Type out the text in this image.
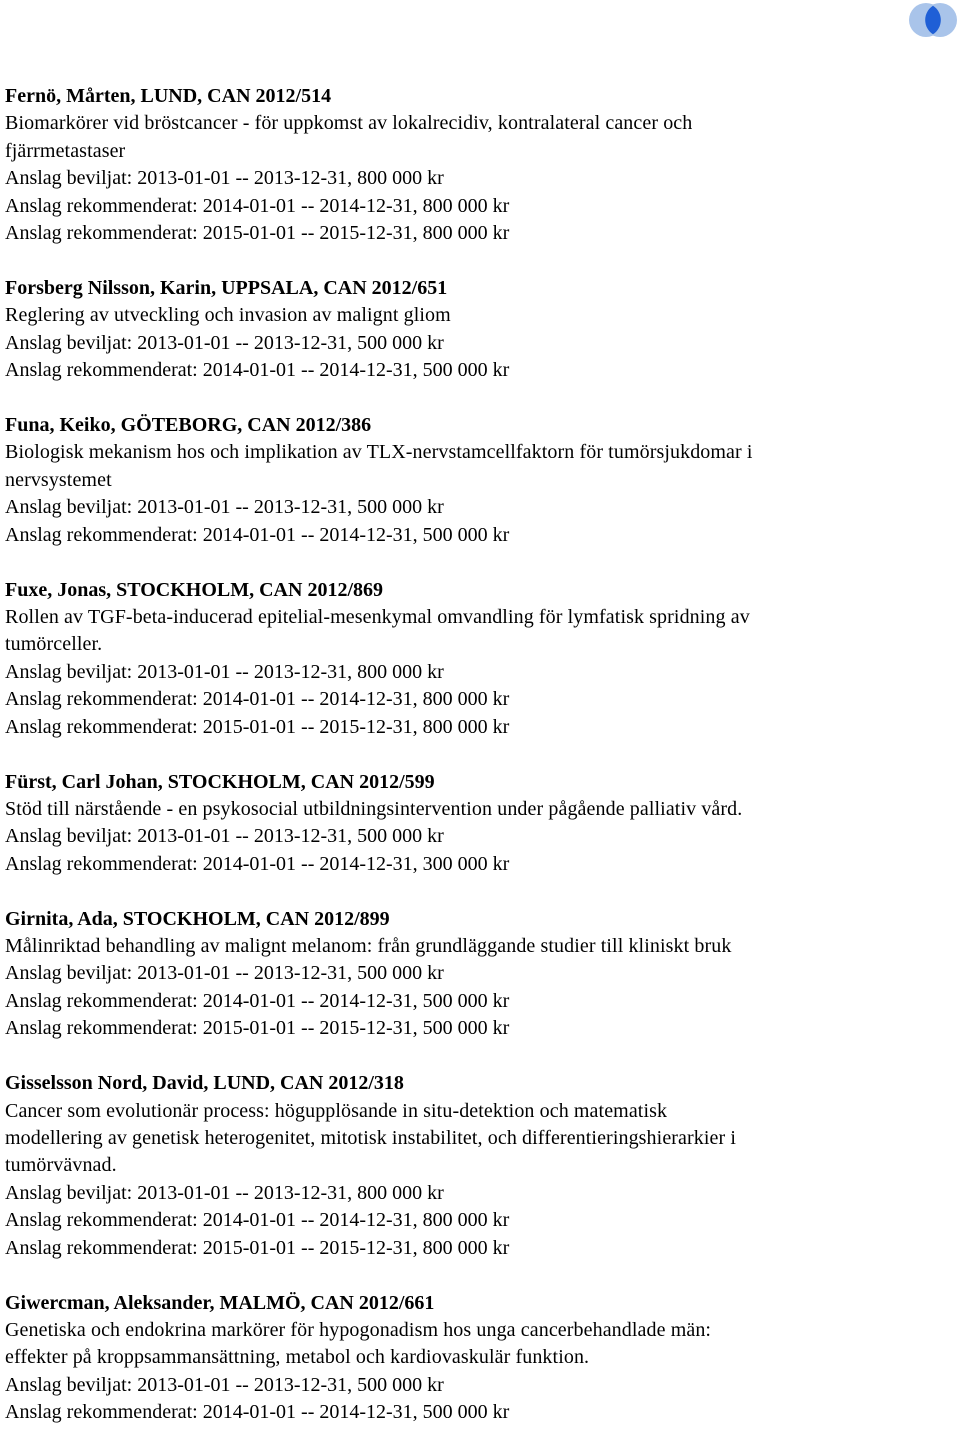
Fernö, Mårten, LUND, CAN 2012/514
Biomarkörer vid bröstcancer - för uppkomst av lokalrecidiv, kontralateral cancer och
fjärrmetastaser
Anslag beviljat: 2013-01-01 -- 2013-12-31, 800 000 kr
Anslag rekommenderat: 2014-01-01 -- 2014-12-31, 800 000 kr
Anslag rekommenderat: 2015-01-01 -- 2015-12-31, 800 000 kr
Forsberg Nilsson, Karin, UPPSALA, CAN 2012/651
Reglering av utveckling och invasion av malignt gliom
Anslag beviljat: 2013-01-01 -- 2013-12-31, 500 000 kr
Anslag rekommenderat: 2014-01-01 -- 2014-12-31, 500 000 kr
Funa, Keiko, GÖTEBORG, CAN 2012/386
Biologisk mekanism hos och implikation av TLX-nervstamcellfaktorn för tumörsjukdomar i
nervsystemet
Anslag beviljat: 2013-01-01 -- 2013-12-31, 500 000 kr
Anslag rekommenderat: 2014-01-01 -- 2014-12-31, 500 000 kr
Fuxe, Jonas, STOCKHOLM, CAN 2012/869
Rollen av TGF-beta-inducerad epitelial-mesenkymal omvandling för lymfatisk spridning av
tumörceller.
Anslag beviljat: 2013-01-01 -- 2013-12-31, 800 000 kr
Anslag rekommenderat: 2014-01-01 -- 2014-12-31, 800 000 kr
Anslag rekommenderat: 2015-01-01 -- 2015-12-31, 800 000 kr
Fürst, Carl Johan, STOCKHOLM, CAN 2012/599
Stöd till närstående - en psykosocial utbildningsintervention under pågående palliativ vård.
Anslag beviljat: 2013-01-01 -- 2013-12-31, 500 000 kr
Anslag rekommenderat: 2014-01-01 -- 2014-12-31, 300 000 kr
Girnita, Ada, STOCKHOLM, CAN 2012/899
Målinriktad behandling av malignt melanom: från grundläggande studier till kliniskt bruk
Anslag beviljat: 2013-01-01 -- 2013-12-31, 500 000 kr
Anslag rekommenderat: 2014-01-01 -- 2014-12-31, 500 000 kr
Anslag rekommenderat: 2015-01-01 -- 2015-12-31, 500 000 kr
Gisselsson Nord, David, LUND, CAN 2012/318
Cancer som evolutionär process: högupplösande in situ-detektion och matematisk
modellering av genetisk heterogenitet, mitotisk instabilitet, och differentieringshierarkier i
tumörvävnad.
Anslag beviljat: 2013-01-01 -- 2013-12-31, 800 000 kr
Anslag rekommenderat: 2014-01-01 -- 2014-12-31, 800 000 kr
Anslag rekommenderat: 2015-01-01 -- 2015-12-31, 800 000 kr
Giwercman, Aleksander, MALMÖ, CAN 2012/661
Genetiska och endokrina markörer för hypogonadism hos unga cancerbehandlade män:
effekter på kroppsammansättning, metabol och kardiovaskulär funktion.
Anslag beviljat: 2013-01-01 -- 2013-12-31, 500 000 kr
Anslag rekommenderat: 2014-01-01 -- 2014-12-31, 500 000 kr
